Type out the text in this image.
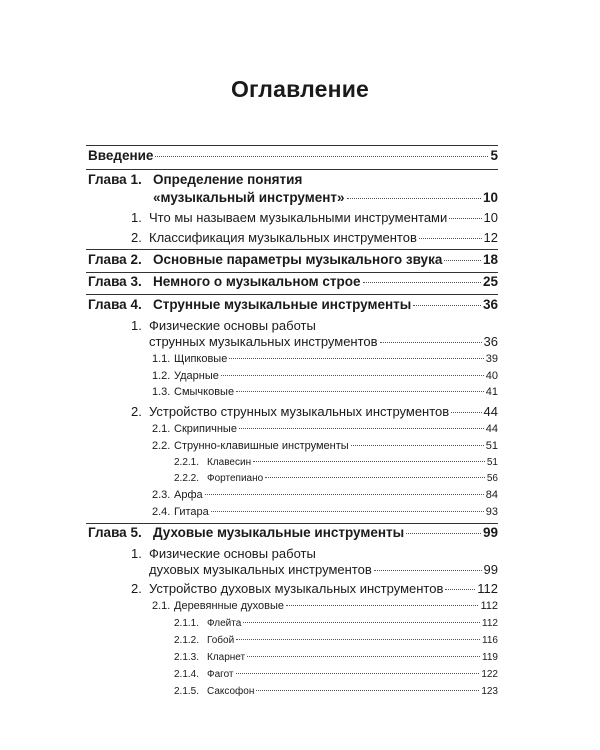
Оглавление
Введение	5
Глава 1. Определение понятия
«музыкальный инструмент»	10
1. Что мы называем музыкальными инструментами	10
2. Классификация музыкальных инструментов	12
Глава 2. Основные параметры музыкального звука	18
Глава 3. Немного о музыкальном строе	25
Глава 4. Струнные музыкальные инструменты	36
1. Физические основы работы
струнных музыкальных инструментов	36
1.1. Щипковые	39
1.2. Ударные	40
1.3. Смычковые	41
2. Устройство струнных музыкальных инструментов	44
2.1. Скрипичные	44
2.2. Струнно-клавишные инструменты	51
2.2.1. Клавесин	51
2.2.2. Фортепиано	56
2.3. Арфа	84
2.4. Гитара	93
Глава 5. Духовые музыкальные инструменты	99
1. Физические основы работы
духовых музыкальных инструментов	99
2. Устройство духовых музыкальных инструментов	112
2.1. Деревянные духовые	112
2.1.1. Флейта	112
2.1.2. Гобой	116
2.1.3. Кларнет	119
2.1.4. Фагот	122
2.1.5. Саксофон	123
